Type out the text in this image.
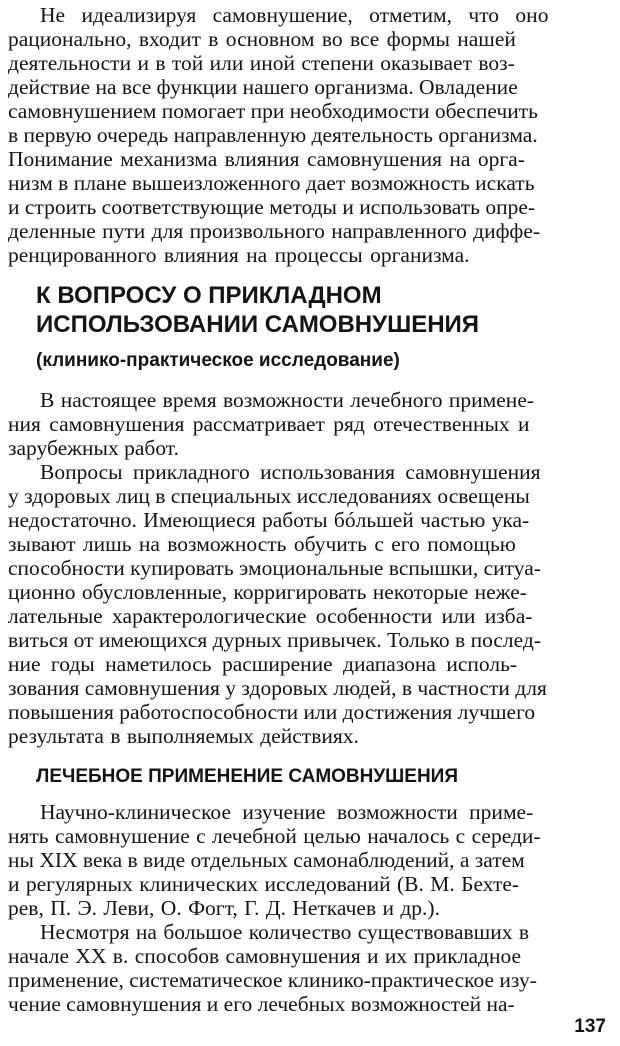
Не идеализируя самовнушение, отметим, что оно
рационально, входит в основном во все формы нашей
деятельности и в той или иной степени оказывает воз-
действие на все функции нашего организма. Овладение
самовнушением помогает при необходимости обеспечить
в первую очередь направленную деятельность организма.
Понимание механизма влияния самовнушения на орга-
низм в плане вышеизложенного дает возможность искать
и строить соответствующие методы и использовать опре-
деленные пути для произвольного направленного диффе-
ренцированного влияния на процессы организма.
К ВОПРОСУ О ПРИКЛАДНОМ
ИСПОЛЬЗОВАНИИ САМОВНУШЕНИЯ
(клинико-практическое исследование)
В настоящее время возможности лечебного примене-
ния самовнушения рассматривает ряд отечественных и
зарубежных работ.
Вопросы прикладного использования самовнушения
у здоровых лиц в специальных исследованиях освещены
недостаточно. Имеющиеся работы бóльшей частью ука-
зывают лишь на возможность обучить с его помощью
способности купировать эмоциональные вспышки, ситуа-
ционно обусловленные, корригировать некоторые нeже-
лательные характерологические особенности или изба-
виться от имеющихся дурных привычек. Только в послед-
ние годы наметилось расширение диапазона исполь-
зования самовнушения у здоровых людей, в частности для
повышения работоспособности или достижения лучшего
результата в выполняемых действиях.
ЛЕЧЕБНОЕ ПРИМЕНЕНИЕ САМОВНУШЕНИЯ
Научно-клиническое изучение возможности приме-
нять самовнушение с лечебной целью началось с середи-
ны XIX века в виде отдельных самонаблюдений, а затем
и регулярных клинических исследований (В. М. Бехте-
рев, П. Э. Леви, О. Фогт, Г. Д. Неткачев и др.).
Несмотря на большое количество существовавших в
начале XX в. способов самовнушения и их прикладное
применение, систематическое клинико-практическое изу-
чение самовнушения и его лечебных возможностей на-
137
